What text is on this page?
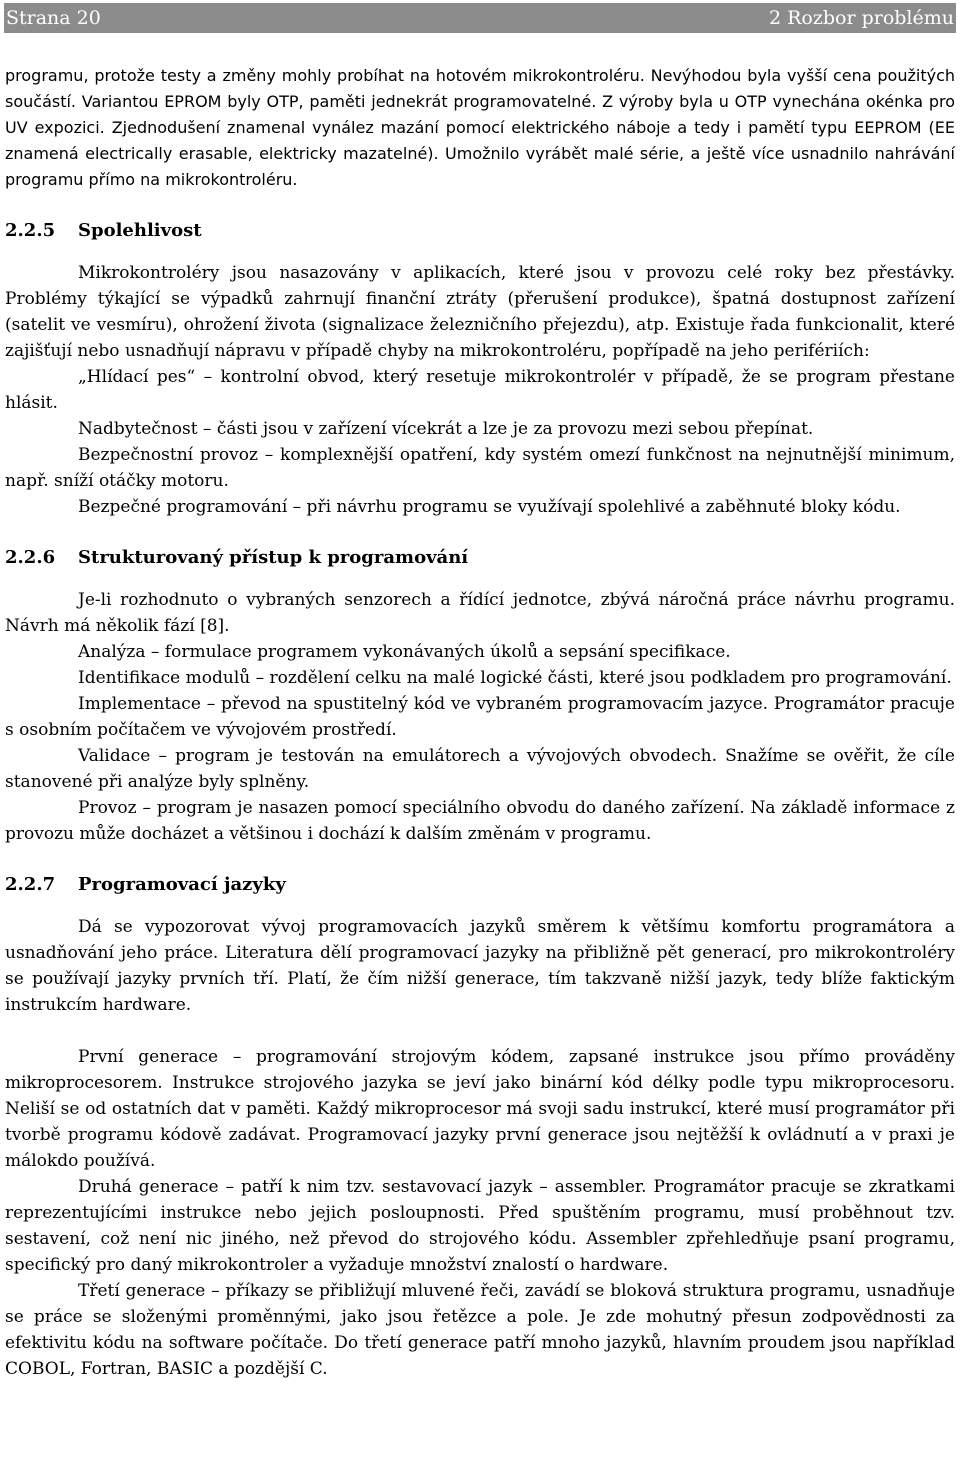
Strana 20	2 Rozbor problému

programu, protože testy a změny mohly probíhat na hotovém mikrokontroléru. Nevýhodou byla vyšší cena použitých součástí. Variantou EPROM byly OTP, paměti jednekrát programovatelné. Z výroby byla u OTP vynechána okénka pro UV expozici. Zjednodušení znamenal vynález mazání pomocí elektrického náboje a tedy i pamětí typu EEPROM (EE znamená electrically erasable, elektricky mazatelné). Umožnilo vyrábět malé série, a ještě více usnadnilo nahrávání programu přímo na mikrokontroléru.

2.2.5	Spolehlivost

Mikrokontroléry jsou nasazovány v aplikacích, které jsou v provozu celé roky bez přestávky. Problémy týkající se výpadků zahrnují finanční ztráty (přerušení produkce), špatná dostupnost zařízení (satelit ve vesmíru), ohrožení života (signalizace železničního přejezdu), atp. Existuje řada funkcionalit, které zajišťují nebo usnadňují nápravu v případě chyby na mikrokontroléru, popřípadě na jeho perifériích:

„Hlídací pes“ – kontrolní obvod, který resetuje mikrokontrolér v případě, že se program přestane hlásit.

Nadbytečnost – části jsou v zařízení vícekrát a lze je za provozu mezi sebou přepínat.

Bezpečnostní provoz – komplexnější opatření, kdy systém omezí funkčnost na nejnutnější minimum, např. sníží otáčky motoru.

Bezpečné programování – při návrhu programu se využívají spolehlivé a zaběhnuté bloky kódu.

2.2.6	Strukturovaný přístup k programování

Je-li rozhodnuto o vybraných senzorech a řídící jednotce, zbývá náročná práce návrhu programu. Návrh má několik fází [8].

Analýza – formulace programem vykonávaných úkolů a sepsání specifikace.

Identifikace modulů – rozdělení celku na malé logické části, které jsou podkladem pro programování.

Implementace – převod na spustitelný kód ve vybraném programovacím jazyce. Programátor pracuje s osobním počítačem ve vývojovém prostředí.

Validace – program je testován na emulátorech a vývojových obvodech. Snažíme se ověřit, že cíle stanovené při analýze byly splněny.

Provoz – program je nasazen pomocí speciálního obvodu do daného zařízení. Na základě informace z provozu může docházet a většinou i dochází k dalším změnám v programu.

2.2.7	Programovací jazyky

Dá se vypozorovat vývoj programovacích jazyků směrem k většímu komfortu programátora a usnadňování jeho práce. Literatura dělí programovací jazyky na přibližně pět generací, pro mikrokontroléry se používají jazyky prvních tří. Platí, že čím nižší generace, tím takzvaně nižší jazyk, tedy blíže faktickým instrukcím hardware.

První generace – programování strojovým kódem, zapsané instrukce jsou přímo prováděny mikroprocesorem. Instrukce strojového jazyka se jeví jako binární kód délky podle typu mikroprocesoru. Neliší se od ostatních dat v paměti. Každý mikroprocesor má svoji sadu instrukcí, které musí programátor při tvorbě programu kódově zadávat. Programovací jazyky první generace jsou nejtěžší k ovládnutí a v praxi je málokdo používá.

Druhá generace – patří k nim tzv. sestavovací jazyk – assembler. Programátor pracuje se zkratkami reprezentujícími instrukce nebo jejich posloupnosti. Před spuštěním programu, musí proběhnout tzv. sestavení, což není nic jiného, než převod do strojového kódu. Assembler zpřehledňuje psaní programu, specifický pro daný mikrokontroler a vyžaduje množství znalostí o hardware.

Třetí generace – příkazy se přibližují mluvené řeči, zavádí se bloková struktura programu, usnadňuje se práce se složenými proměnnými, jako jsou řetězce a pole. Je zde mohutný přesun zodpovědnosti za efektivitu kódu na software počítače. Do třetí generace patří mnoho jazyků, hlavním proudem jsou například COBOL, Fortran, BASIC a pozdější C.
